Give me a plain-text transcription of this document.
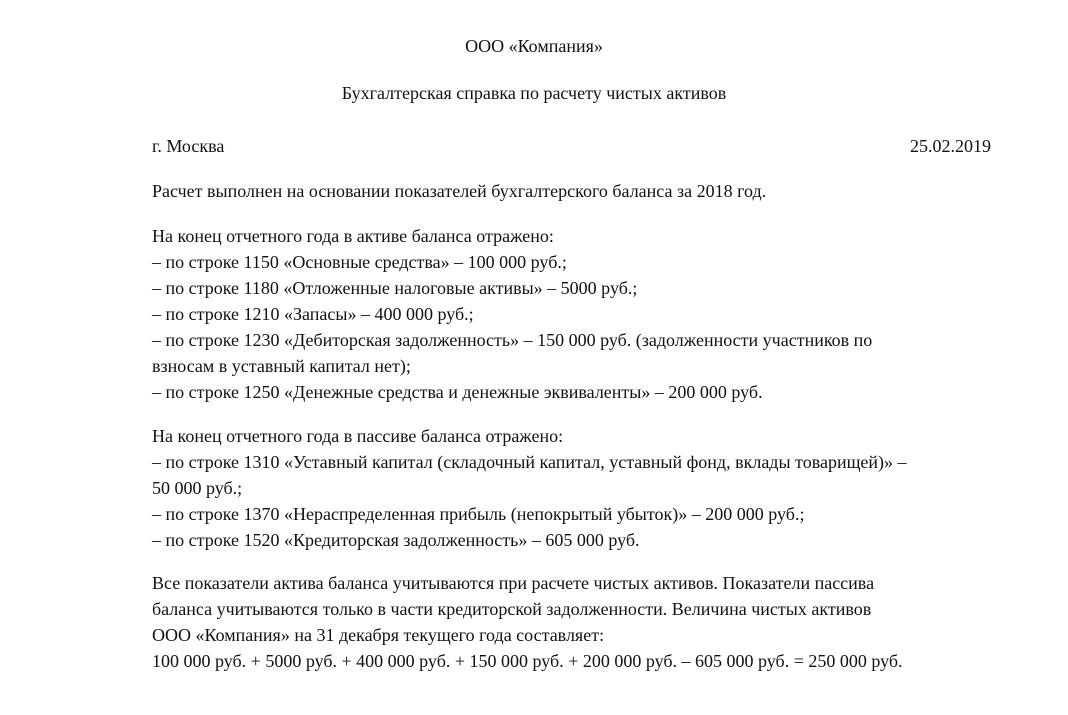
ООО «Компания»
Бухгалтерская справка по расчету чистых активов
г. Москва	25.02.2019

Расчет выполнен на основании показателей бухгалтерского баланса за 2018 год.

На конец отчетного года в активе баланса отражено:
– по строке 1150 «Основные средства» – 100 000 руб.;
– по строке 1180 «Отложенные налоговые активы» – 5000 руб.;
– по строке 1210 «Запасы» – 400 000 руб.;
– по строке 1230 «Дебиторская задолженность» – 150 000 руб. (задолженности участников по
взносам в уставный капитал нет);
– по строке 1250 «Денежные средства и денежные эквиваленты» – 200 000 руб.
На конец отчетного года в пассиве баланса отражено:
– по строке 1310 «Уставный капитал (складочный капитал, уставный фонд, вклады товарищей)» –
50 000 руб.;
– по строке 1370 «Нераспределенная прибыль (непокрытый убыток)» – 200 000 руб.;
– по строке 1520 «Кредиторская задолженность» – 605 000 руб.
Все показатели актива баланса учитываются при расчете чистых активов. Показатели пассива
баланса учитываются только в части кредиторской задолженности. Величина чистых активов
ООО «Компания» на 31 декабря текущего года составляет:
100 000 руб. + 5000 руб. + 400 000 руб. + 150 000 руб. + 200 000 руб. – 605 000 руб. = 250 000 руб.
